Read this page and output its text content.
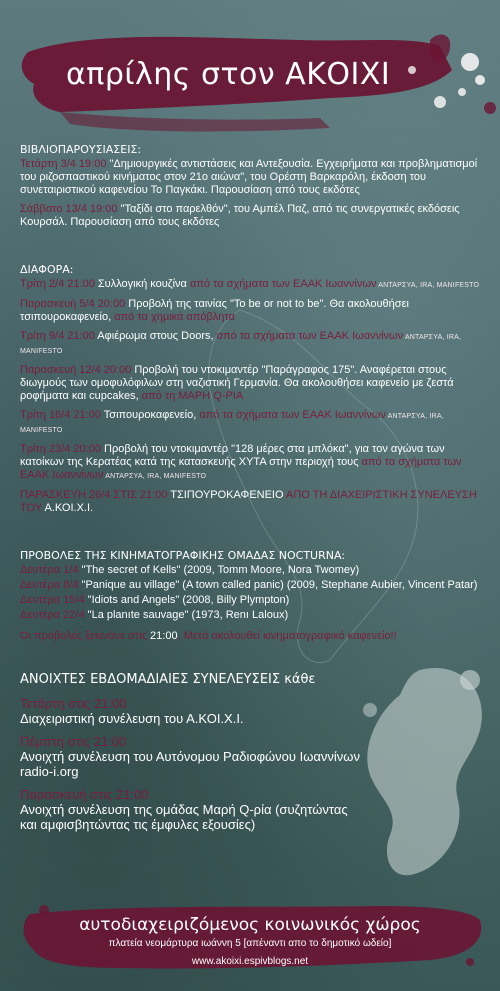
απρίλης στον ΑΚΟΙΧΙ
ΒΙΒΛΙΟΠΑΡΟΥΣΙΑΣΕΙΣ:
Τετάρτη 3/4 19:00 "Δημιουργικές αντιστάσεις και Αντεξουσία. Εγχειρήματα και προβληματισμοί του ριζοσπαστικού κινήματος στον 21ο αιώνα", του Ορέστη Βαρκαρόλη, έκδοση του συνεταιριστικού καφενείου Το Παγκάκι. Παρουσίαση από τους εκδότες
Σάββατο 13/4 19:00 "Ταξίδι στο παρελθόν", του Αμπέλ Παζ, από τις συνεργατικές εκδόσεις Κουρσάλ. Παρουσίαση από τους εκδότες
ΔΙΑΦΟΡΑ:
Τρίτη 2/4 21:00 Συλλογική κουζίνα από τα σχήματα των ΕΑΑΚ Ιωαννίνων ΑΝΤΑΡΣΥΑ, IRA, MANIFESTO
Παρασκευή 5/4 20:00 Προβολή της ταινίας "To be or not to be". Θα ακολουθήσει τσιπουροκαφενείο, από τα χημικά απόβλητα
Τρίτη 9/4 21:00 Αφιέρωμα στους Doors, από τα σχήματα των ΕΑΑΚ Ιωαννίνων ΑΝΤΑΡΣΥΑ, IRA, MANIFESTO
Παρασκευή 12/4 20:00 Προβολή του ντοκιμαντέρ "Παράγραφος 175". Αναφέρεται στους διωγμούς των ομοφυλόφιλων στη ναζιστική Γερμανία. Θα ακολουθήσει καφενείο με ζεστά ροφήματα και cupcakes, από τη ΜΑΡΗ Q-ΡΙΑ
Τρίτη 16/4 21:00 Τσιπουροκαφενείο, από τα σχήματα των ΕΑΑΚ Ιωαννίνων ΑΝΤΑΡΣΥΑ, IRA, MANIFESTO
Τρίτη 23/4 20:00 Προβολή του ντοκιμαντέρ "128 μέρες στα μπλόκα", για τον αγώνα των κατοίκων της Κερατέας κατά της κατασκευής ΧΥΤΑ στην περιοχή τους από τα σχήματα των ΕΑΑΚ Ιωαννίνων ΑΝΤΑΡΣΥΑ, IRA, MANIFESTO
ΠΑΡΑΣΚΕΥΗ 26/4 ΣΤΙΣ 21:00 ΤΣΙΠΟΥΡΟΚΑΦΕΝΕΙΟ ΑΠΟ ΤΗ ΔΙΑΧΕΙΡΙΣΤΙΚΗ ΣΥΝΕΛΕΥΣΗ ΤΟΥ Α.ΚΟΙ.Χ.Ι.
ΠΡΟΒΟΛΕΣ ΤΗΣ ΚΙΝΗΜΑΤΟΓΡΑΦΙΚΗΣ ΟΜΑΔΑΣ NOCTURNA:
Δευτέρα 1/4 "The secret of Kells" (2009, Tomm Moore, Nora Twomey)
Δευτέρα 8/4 "Panique au village" (A town called panic) (2009, Stephane Aubier, Vincent Patar)
Δευτέρα 15/4 "Idiots and Angels" (2008, Billy Plympton)
Δευτέρα 22/4 "La planıte sauvage" (1973, Renı Laloux)
Οι προβολές ξεκινάνε στις 21:00. Μετά ακολουθεί κινηματογραφικό καφενείο!!
ΑΝΟΙΧΤΕΣ ΕΒΔΟΜΑΔΙΑΙΕΣ ΣΥΝΕΛΕΥΣΕΙΣ κάθε
Τετάρτη στις 21:00
Διαχειριστική συνέλευση του Α.ΚΟΙ.Χ.Ι.
Πέμπτη στις 21:00
Ανοιχτή συνέλευση του Αυτόνομου Ραδιοφώνου Ιωαννίνων radio-i.org
Παρασκευή στις 21:00
Ανοιχτή συνέλευση της ομάδας Μαρή Q-ρία (συζητώντας και αμφισβητώντας τις έμφυλες εξουσίες)
αυτοδιαχειριζόμενος κοινωνικός χώρος
πλατεία νεομάρτυρα ιωάννη 5 [απέναντι απο το δημοτικό ωδείο]
www.akoixi.espivblogs.net
